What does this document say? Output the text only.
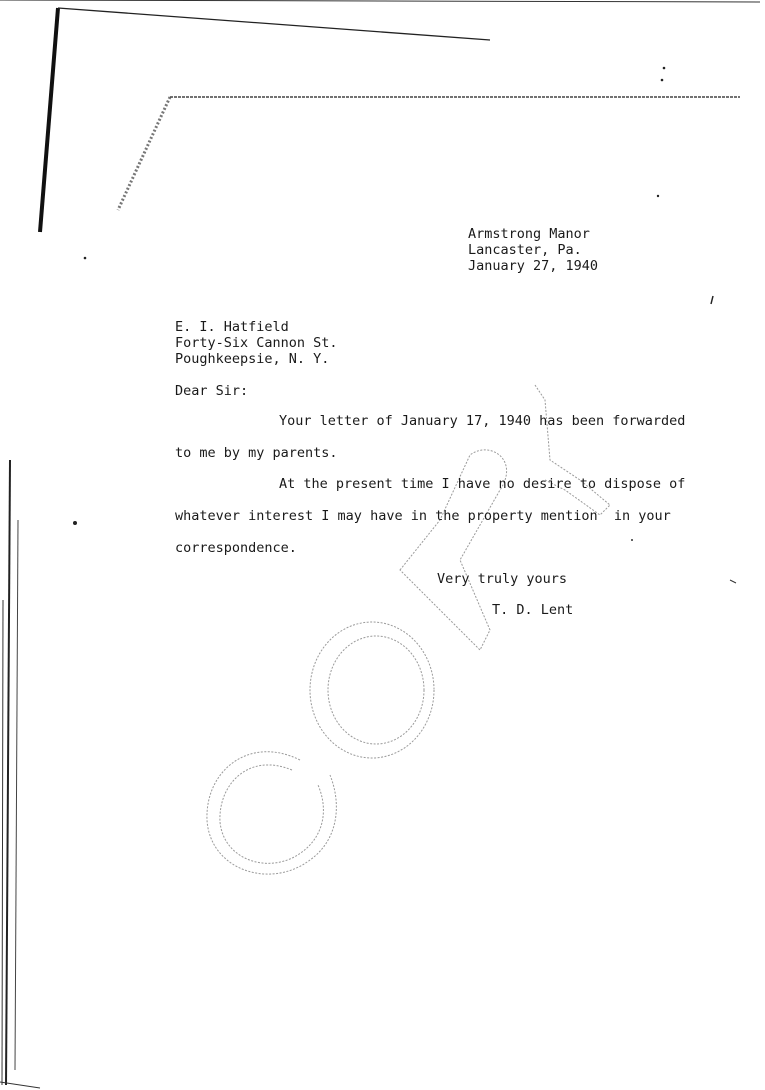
Armstrong Manor
Lancaster, Pa.
January 27, 1940
E. I. Hatfield
Forty-Six Cannon St.
Poughkeepsie, N. Y.
Dear Sir:
Your letter of January 17, 1940 has been forwarded
to me by my parents.
At the present time I have no desire to dispose of
whatever interest I may have in the property mention  in your
correspondence.
Very truly yours
T. D. Lent
